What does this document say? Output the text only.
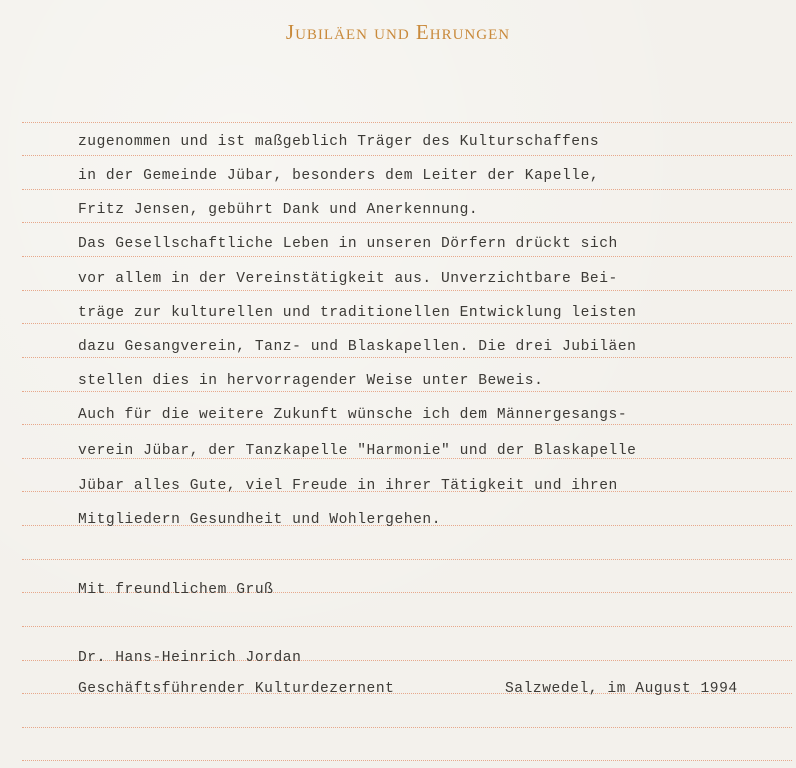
Jubiläen und Ehrungen
zugenommen und ist maßgeblich Träger des Kulturschaffens
in der Gemeinde Jübar, besonders dem Leiter der Kapelle,
Fritz Jensen, gebührt Dank und Anerkennung.
Das Gesellschaftliche Leben in unseren Dörfern drückt sich
vor allem in der Vereinstätigkeit aus. Unverzichtbare Bei-
träge zur kulturellen und traditionellen Entwicklung leisten
dazu Gesangverein, Tanz- und Blaskapellen. Die drei Jubiläen
stellen dies in hervorragender Weise unter Beweis.
Auch für die weitere Zukunft wünsche ich dem Männergesangs-
verein Jübar, der Tanzkapelle "Harmonie" und der Blaskapelle
Jübar alles Gute, viel Freude in ihrer Tätigkeit und ihren
Mitgliedern Gesundheit und Wohlergehen.
Mit freundlichem Gruß
Dr. Hans-Heinrich Jordan
Geschäftsführender Kulturdezernent	Salzwedel, im August 1994
